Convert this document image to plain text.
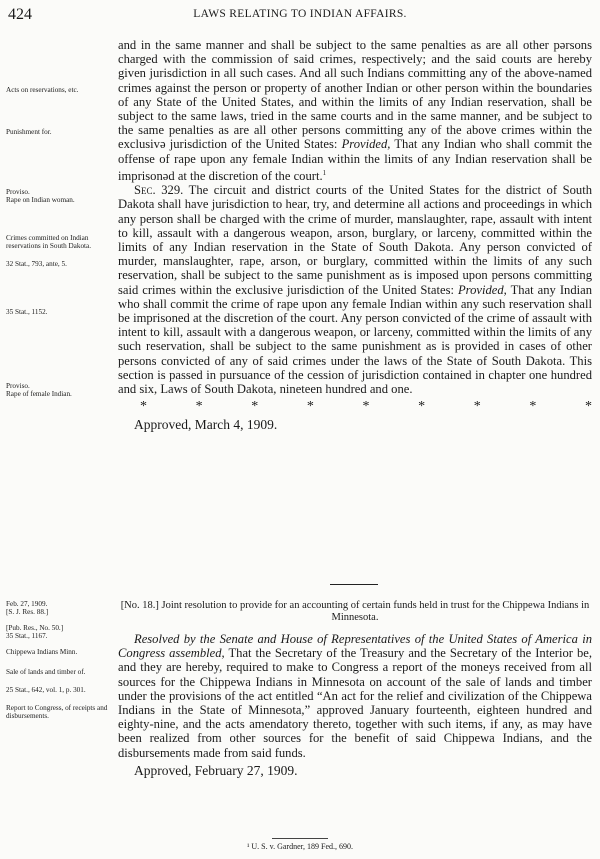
424	LAWS RELATING TO INDIAN AFFAIRS.

and in the same manner and shall be subject to the same penalties as are all other pərsons charged with the commission of said crimes, respectively; and the said couıts are hereby given jurisdiction in all such cases. And all such Indians committing any of the above-named crimes against the person or property of another Indian or other person within the boundaries of any State of the United States, and within the limits of any Indian reservation, shall be subject to the same laws, tried in the same courts and in the same manner, and be subject to the same penalties as are all other persons committing any of the above crimes within the exclusivə jurisdiction of the United States: Provided, That any Indian who shall commit the offense of rape upon any female Indian within the limits of any Indian reservation shall be imprisonəd at the discretion of the court.$^1$

Sec. 329. The circuit and district courts of the United States for the district of South Dakota shall have jurisdiction to hear, try, and determine all actions and proceedings in which any person shall be charged with the crime of murder, manslaughter, rape, assault with intent to kill, assault with a dangerous weapon, arson, burglary, or larceny, committed within the limits of any Indian reservation in the State of South Dakota. Any person convicted of murder, manslaughter, rape, arson, or burglary, committed within the limits of any such reservation, shall be subject to the same punishment as is imposed upon persons committing said crimes within the exclusive jurisdiction of the United States: Provided, That any Indian who shall commit the crime of rape upon any female Indian within any such reservation shall be imprisoned at the discretion of the court. Any person convicted of the crime of assault with intent to kill, assault with a dangerous weapon, or larceny, committed within the limits of any such reservation, shall be subject to the same punishment as is provided in cases of other persons convicted of any of said crimes under the laws of the State of South Dakota. This section is passed in pursuance of the cession of jurisdiction contained in chapter one hundred and six, Laws of South Dakota, nineteen hundred and one.

*	*	*	*	*	*	*	*	*

Approved, March 4, 1909.

[No. 18.] Joint resolution to provide for an accounting of certain funds held in trust for the Chippewa Indians in Minnesota.

Resolved by the Senate and House of Representatives of the United States of America in Congress assembled, That the Secretary of the Treasury and the Secretary of the Interior be, and they are hereby, required to make to Congress a report of the moneys received from all sources for the Chippewa Indians in Minnesota on account of the sale of lands and timber under the provisions of the act entitled “An act for the relief and civilization of the Chippewa Indians in the State of Minnesota,” approved January fourteenth, eighteen hundred and eighty-nine, and the acts amendatory thereto, together with such items, if any, as may have been realized from other sources for the benefit of said Chippewa Indians, and the disbursements made from said funds.

Approved, February 27, 1909.

Acts on reservations, etc.
Punishment for.
Proviso.
Rape on Indian woman.
Crimes committed on Indian reservations in South Dakota.
32 Stat., 793, ante, 5.
35 Stat., 1152.
Proviso.
Rape of female Indian.
Feb. 27, 1909.
[S. J. Res. 88.]
[Pub. Res., No. 50.]
35 Stat., 1167.
Chippewa Indians Minn.
Sale of lands and timber of.
25 Stat., 642, vol. 1, p. 301.
Report to Congress, of receipts and disbursements.
¹ U. S. v. Gardner, 189 Fed., 690.
